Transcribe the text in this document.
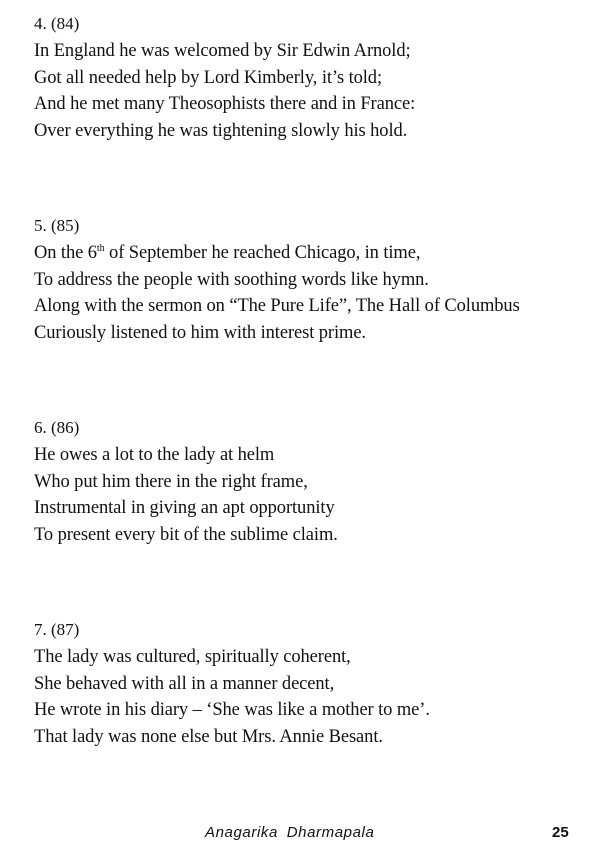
4. (84)
In England he was welcomed by Sir Edwin Arnold;
Got all needed help by Lord Kimberly, it’s told;
And he met many Theosophists there and in France:
Over everything he was tightening slowly his hold.
5. (85)
On the 6th of September he reached Chicago, in time,
To address the people with soothing words like hymn.
Along with the sermon on “The Pure Life”, The Hall of Columbus
Curiously listened to him with interest prime.
6. (86)
He owes a lot to the lady at helm
Who put him there in the right frame,
Instrumental in giving an apt opportunity
To present every bit of the sublime claim.
7. (87)
The lady was cultured, spiritually coherent,
She behaved with all in a manner decent,
He wrote in his diary – ‘She was like a mother to me’.
That lady was none else but Mrs. Annie Besant.
Anagarika Dharmapala	25
